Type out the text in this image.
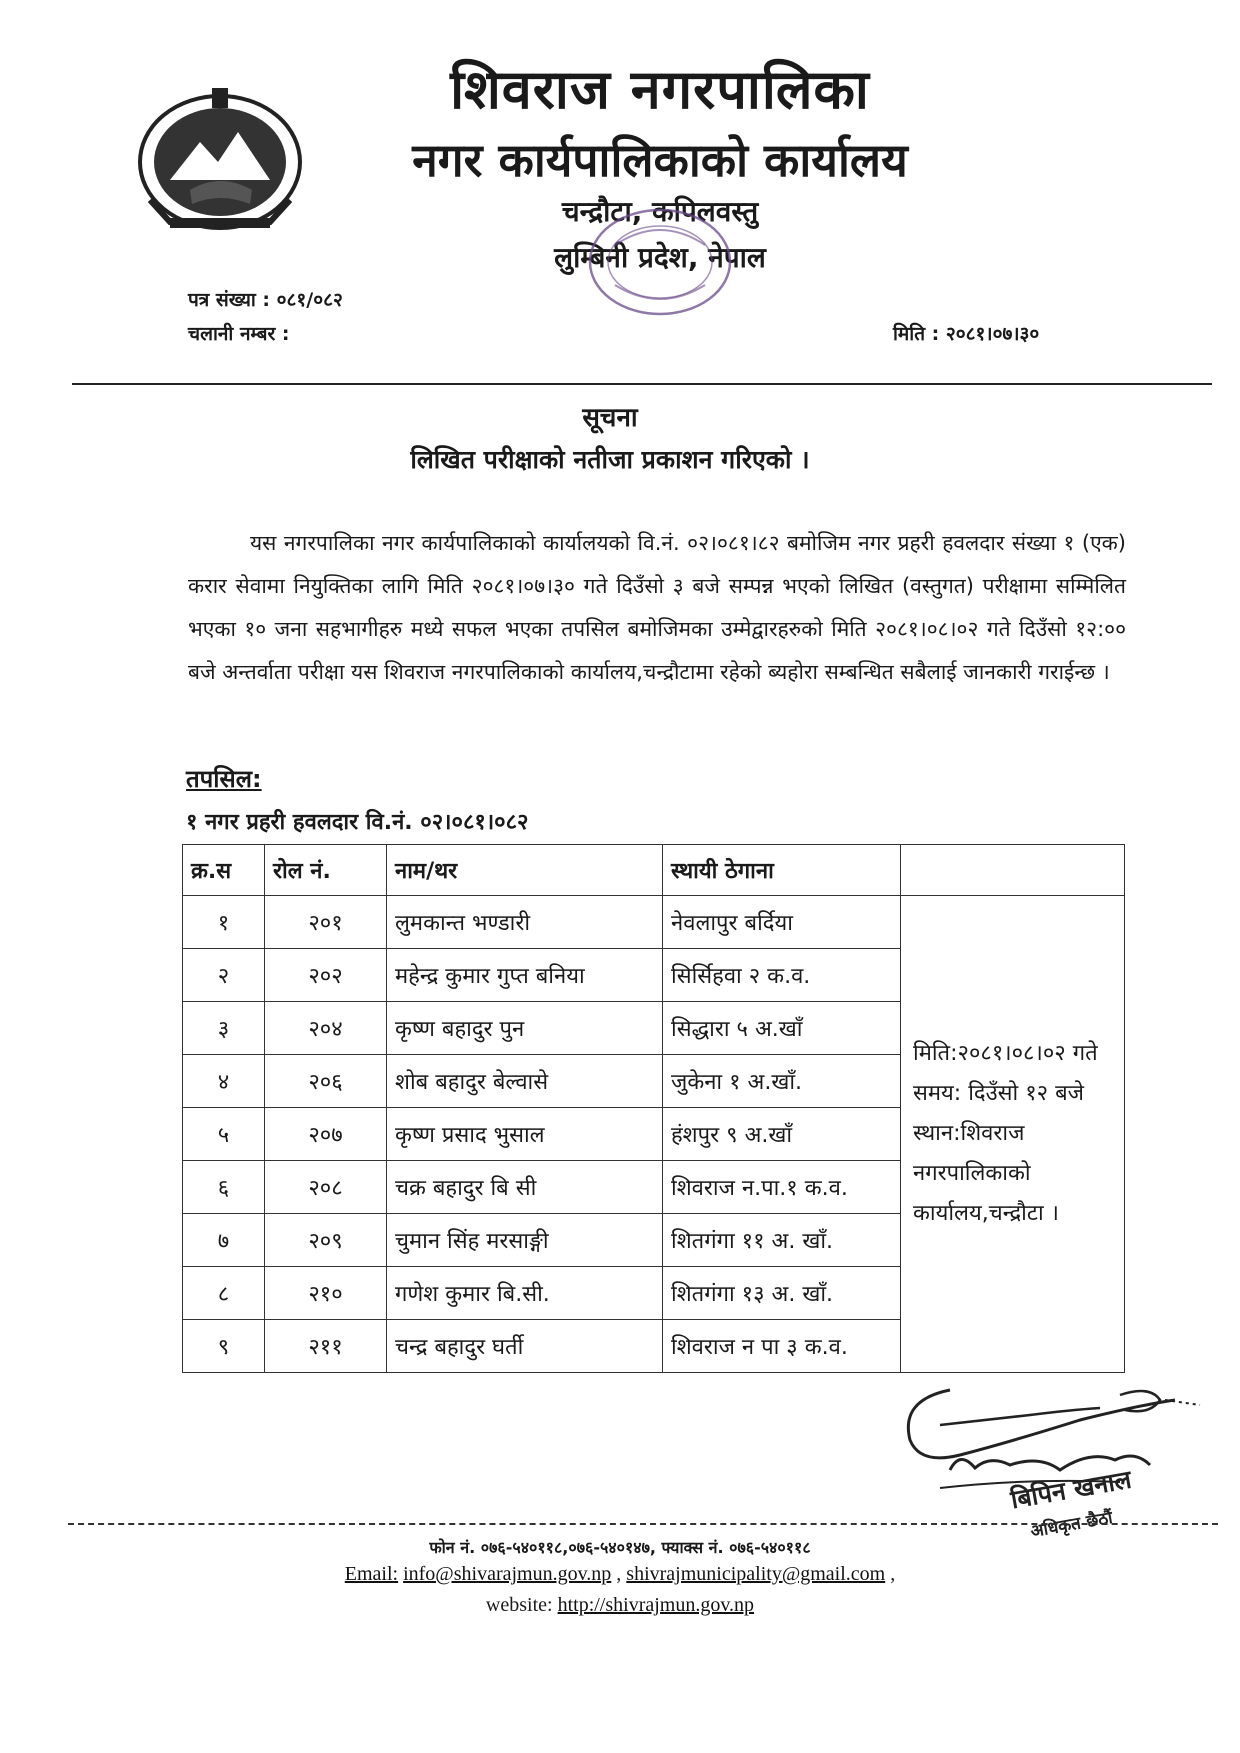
शिवराज नगरपालिका
नगर कार्यपालिकाको कार्यालय
चन्द्रौटा, कपिलवस्तु
लुम्बिनी प्रदेश, नेपाल
पत्र संख्या : ०८१/०८२
चलानी नम्बर :	मिति : २०८१।०७।३०
सूचना
लिखित परीक्षाको नतीजा प्रकाशन गरिएको ।
यस नगरपालिका नगर कार्यपालिकाको कार्यालयको वि.नं. ०२।०८१।८२ बमोजिम नगर प्रहरी हवलदार संख्या १ (एक) करार सेवामा नियुक्तिका लागि मिति २०८१।०७।३० गते दिउँसो ३ बजे सम्पन्न भएको लिखित (वस्तुगत) परीक्षामा सम्मिलित भएका १० जना सहभागीहरु मध्ये सफल भएका तपसिल बमोजिमका उम्मेद्वारहरुको मिति २०८१।०८।०२ गते दिउँसो १२:०० बजे अन्तर्वाता परीक्षा यस शिवराज नगरपालिकाको कार्यालय,चन्द्रौटामा रहेको ब्यहोरा सम्बन्धित सबैलाई जानकारी गराईन्छ ।
तपसिल:
१ नगर प्रहरी हवलदार वि.नं. ०२।०८१।०८२
क्र.स	रोल नं.	नाम/थर	स्थायी ठेगाना	
१	२०१	लुमकान्त भण्डारी	नेवलापुर बर्दिया	मिति:२०८१।०८।०२ गते
समय: दिउँसो १२ बजे
स्थान:शिवराज
नगरपालिकाको
कार्यालय,चन्द्रौटा ।

२	२०२	महेन्द्र कुमार गुप्त बनिया	सिर्सिहवा २ क.व.	
३	२०४	कृष्ण बहादुर पुन	सिद्धारा ५ अ.खाँ	
४	२०६	शोब बहादुर बेल्वासे	जुकेना १ अ.खाँ.	
५	२०७	कृष्ण प्रसाद भुसाल	हंशपुर ९ अ.खाँ	
६	२०८	चक्र बहादुर बि सी	शिवराज न.पा.१ क.व.	
७	२०९	चुमान सिंह मरसाङ्गी	शितगंगा ११ अ. खाँ.	
८	२१०	गणेश कुमार बि.सी.	शितगंगा १३ अ. खाँ.	
९	२११	चन्द्र बहादुर घर्ती	शिवराज न पा ३ क.व.	
बिपिन खनाल
अधिकृत छैठौं
फोन नं. ०७६-५४०११८,०७६-५४०१४७, फ्याक्स नं. ०७६-५४०११८
Email: info@shivarajmun.gov.np , shivrajmunicipality@gmail.com ,
website: http://shivrajmun.gov.np
